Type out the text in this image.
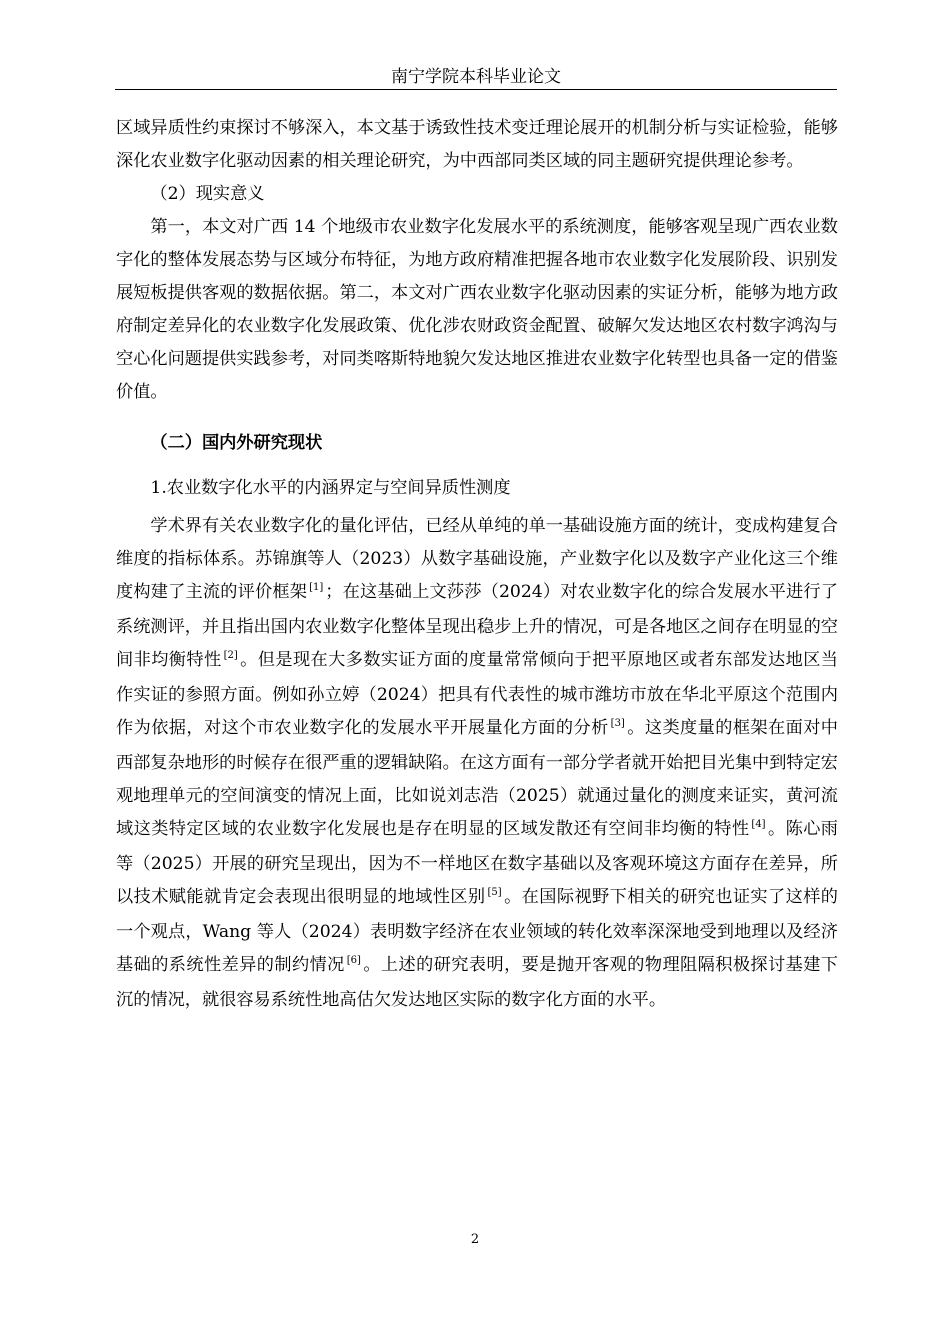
南宁学院本科毕业论文

区域异质性约束探讨不够深入，本文基于诱致性技术变迁理论展开的机制分析与实证检验，能够深化农业数字化驱动因素的相关理论研究，为中西部同类区域的同主题研究提供理论参考。

（2）现实意义

第一，本文对广西 14 个地级市农业数字化发展水平的系统测度，能够客观呈现广西农业数字化的整体发展态势与区域分布特征，为地方政府精准把握各地市农业数字化发展阶段、识别发展短板提供客观的数据依据。第二，本文对广西农业数字化驱动因素的实证分析，能够为地方政府制定差异化的农业数字化发展政策、优化涉农财政资金配置、破解欠发达地区农村数字鸿沟与空心化问题提供实践参考，对同类喀斯特地貌欠发达地区推进农业数字化转型也具备一定的借鉴价值。

（二）国内外研究现状

1.农业数字化水平的内涵界定与空间异质性测度

学术界有关农业数字化的量化评估，已经从单纯的单一基础设施方面的统计，变成构建复合维度的指标体系。苏锦旗等人（2023）从数字基础设施，产业数字化以及数字产业化这三个维度构建了主流的评价框架 [1] ；在这基础上文莎莎（2024）对农业数字化的综合发展水平进行了系统测评，并且指出国内农业数字化整体呈现出稳步上升的情况，可是各地区之间存在明显的空间非均衡特性 [2] 。但是现在大多数实证方面的度量常常倾向于把平原地区或者东部发达地区当作实证的参照方面。例如孙立婷（2024）把具有代表性的城市潍坊市放在华北平原这个范围内作为依据，对这个市农业数字化的发展水平开展量化方面的分析 [3] 。这类度量的框架在面对中西部复杂地形的时候存在很严重的逻辑缺陷。在这方面有一部分学者就开始把目光集中到特定宏观地理单元的空间演变的情况上面，比如说刘志浩（2025）就通过量化的测度来证实，黄河流域这类特定区域的农业数字化发展也是存在明显的区域发散还有空间非均衡的特性 [4] 。陈心雨等（2025）开展的研究呈现出，因为不一样地区在数字基础以及客观环境这方面存在差异，所以技术赋能就肯定会表现出很明显的地域性区别 [5] 。在国际视野下相关的研究也证实了这样的一个观点，Wang 等人（2024）表明数字经济在农业领域的转化效率深深地受到地理以及经济基础的系统性差异的制约情况 [6] 。上述的研究表明，要是抛开客观的物理阻隔积极探讨基建下沉的情况，就很容易系统性地高估欠发达地区实际的数字化方面的水平。

2
